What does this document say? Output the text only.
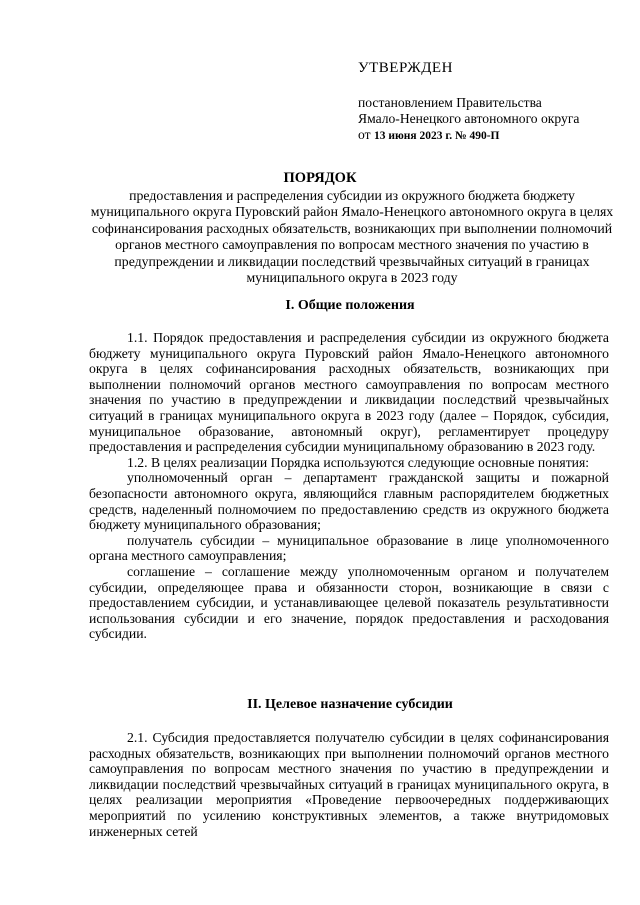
УТВЕРЖДЕН
постановлением Правительства
Ямало-Ненецкого автономного округа
от 13 июня 2023 г. № 490-П
ПОРЯДОК
предоставления и распределения субсидии из окружного бюджета бюджету муниципального округа Пуровский район Ямало-Ненецкого автономного округа в целях софинансирования расходных обязательств, возникающих при выполнении полномочий органов местного самоуправления по вопросам местного значения по участию в предупреждении и ликвидации последствий чрезвычайных ситуаций в границах муниципального округа в 2023 году
I. Общие положения

1.1. Порядок предоставления и распределения субсидии из окружного бюджета бюджету муниципального округа Пуровский район Ямало-Ненецкого автономного округа в целях софинансирования расходных обязательств, возникающих при выполнении полномочий органов местного самоуправления по вопросам местного значения по участию в предупреждении и ликвидации последствий чрезвычайных ситуаций в границах муниципального округа в 2023 году (далее – Порядок, субсидия, муниципальное образование, автономный округ), регламентирует процедуру предоставления и распределения субсидии муниципальному образованию в 2023 году.

1.2. В целях реализации Порядка используются следующие основные понятия:

уполномоченный орган – департамент гражданской защиты и пожарной безопасности автономного округа, являющийся главным распорядителем бюджетных средств, наделенный полномочием по предоставлению средств из окружного бюджета бюджету муниципального образования;

получатель субсидии – муниципальное образование в лице уполномоченного органа местного самоуправления;

соглашение – соглашение между уполномоченным органом и получателем субсидии, определяющее права и обязанности сторон, возникающие в связи с предоставлением субсидии, и устанавливающее целевой показатель результативности использования субсидии и его значение, порядок предоставления и расходования субсидии.

II. Целевое назначение субсидии

2.1. Субсидия предоставляется получателю субсидии в целях софинансирования расходных обязательств, возникающих при выполнении полномочий органов местного самоуправления по вопросам местного значения по участию в предупреждении и ликвидации последствий чрезвычайных ситуаций в границах муниципального округа, в целях реализации мероприятия «Проведение первоочередных поддерживающих мероприятий по усилению конструктивных элементов, а также внутридомовых инженерных сетей
